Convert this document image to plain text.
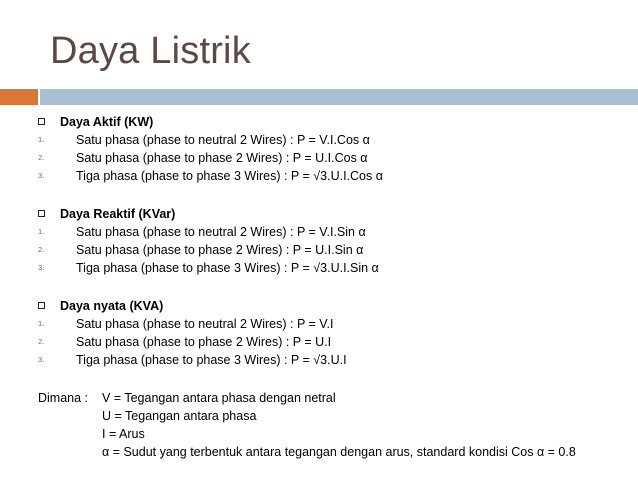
Daya Listrik
Daya Aktif (KW)
1.	Satu phasa (phase to neutral 2 Wires) : P = V.I.Cos α
2.	Satu phasa (phase to phase 2 Wires) : P = U.I.Cos α
3.	Tiga phasa (phase to phase 3 Wires) : P = √3.U.I.Cos α
Daya Reaktif (KVar)
1.	Satu phasa (phase to neutral 2 Wires) : P = V.I.Sin α
2.	Satu phasa (phase to phase 2 Wires) : P = U.I.Sin α
3.	Tiga phasa (phase to phase 3 Wires) : P = √3.U.I.Sin α
Daya nyata (KVA)
1.	Satu phasa (phase to neutral 2 Wires) : P = V.I
2.	Satu phasa (phase to phase 2 Wires) : P = U.I
3.	Tiga phasa (phase to phase 3 Wires) : P = √3.U.I
Dimana : V = Tegangan antara phasa dengan netral
U = Tegangan antara phasa
I = Arus
α = Sudut yang terbentuk antara tegangan dengan arus, standard kondisi Cos α = 0.8
